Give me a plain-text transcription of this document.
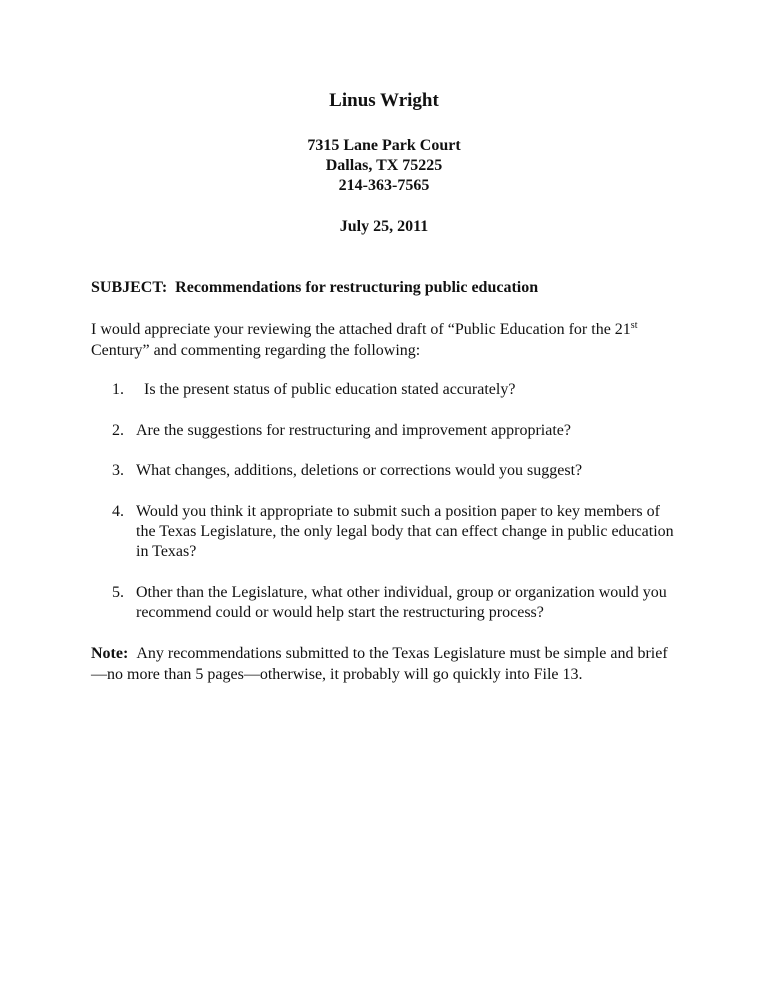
Linus Wright
7315 Lane Park Court
Dallas, TX 75225
214-363-7565
July 25, 2011
SUBJECT: Recommendations for restructuring public education
I would appreciate your reviewing the attached draft of “Public Education for the 21st Century” and commenting regarding the following:
1. Is the present status of public education stated accurately?
2. Are the suggestions for restructuring and improvement appropriate?
3. What changes, additions, deletions or corrections would you suggest?
4. Would you think it appropriate to submit such a position paper to key members of the Texas Legislature, the only legal body that can effect change in public education in Texas?
5. Other than the Legislature, what other individual, group or organization would you recommend could or would help start the restructuring process?
Note: Any recommendations submitted to the Texas Legislature must be simple and brief—no more than 5 pages—otherwise, it probably will go quickly into File 13.
